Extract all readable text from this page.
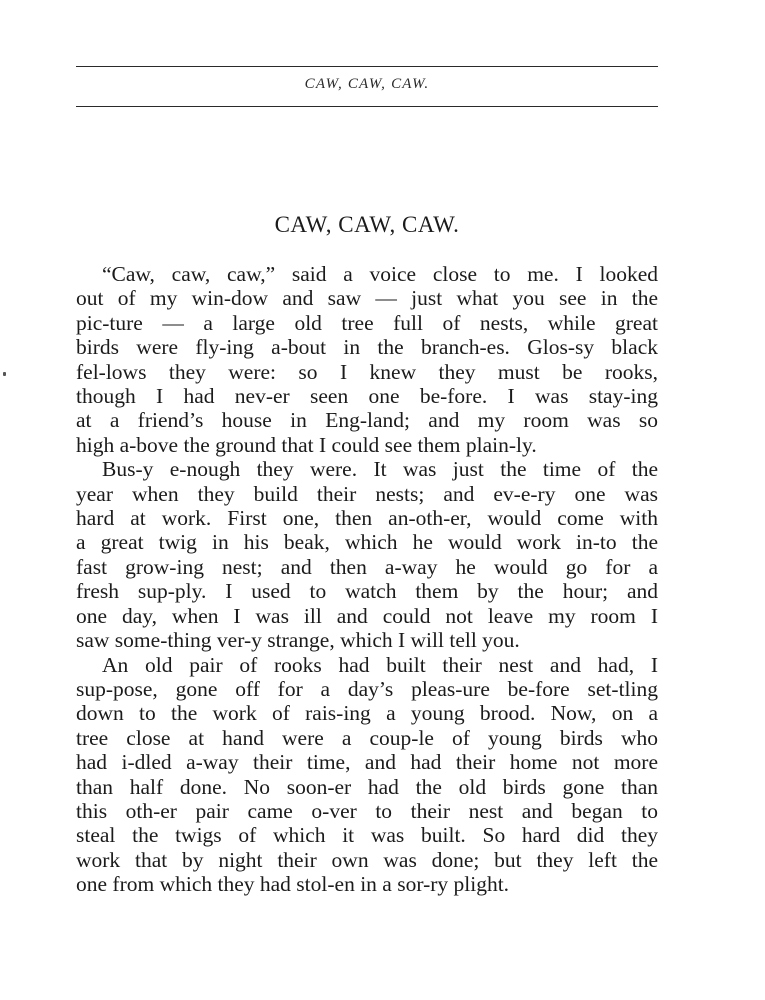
CAW, CAW, CAW.
CAW, CAW, CAW.
“Caw, caw, caw,” said a voice close to me. I looked
out of my win-dow and saw — just what you see in the
pic-ture — a large old tree full of nests, while great
birds were fly-ing a-bout in the branch-es. Glos-sy black
fel-lows they were: so I knew they must be rooks,
though I had nev-er seen one be-fore. I was stay-ing
at a friend’s house in Eng-land; and my room was so
high a-bove the ground that I could see them plain-ly.
Bus-y e-nough they were. It was just the time of the
year when they build their nests; and ev-e-ry one was
hard at work. First one, then an-oth-er, would come with
a great twig in his beak, which he would work in-to the
fast grow-ing nest; and then a-way he would go for a
fresh sup-ply. I used to watch them by the hour; and
one day, when I was ill and could not leave my room I
saw some-thing ver-y strange, which I will tell you.
An old pair of rooks had built their nest and had, I
sup-pose, gone off for a day’s pleas-ure be-fore set-tling
down to the work of rais-ing a young brood. Now, on a
tree close at hand were a coup-le of young birds who
had i-dled a-way their time, and had their home not more
than half done. No soon-er had the old birds gone than
this oth-er pair came o-ver to their nest and began to
steal the twigs of which it was built. So hard did they
work that by night their own was done; but they left the
one from which they had stol-en in a sor-ry plight.
